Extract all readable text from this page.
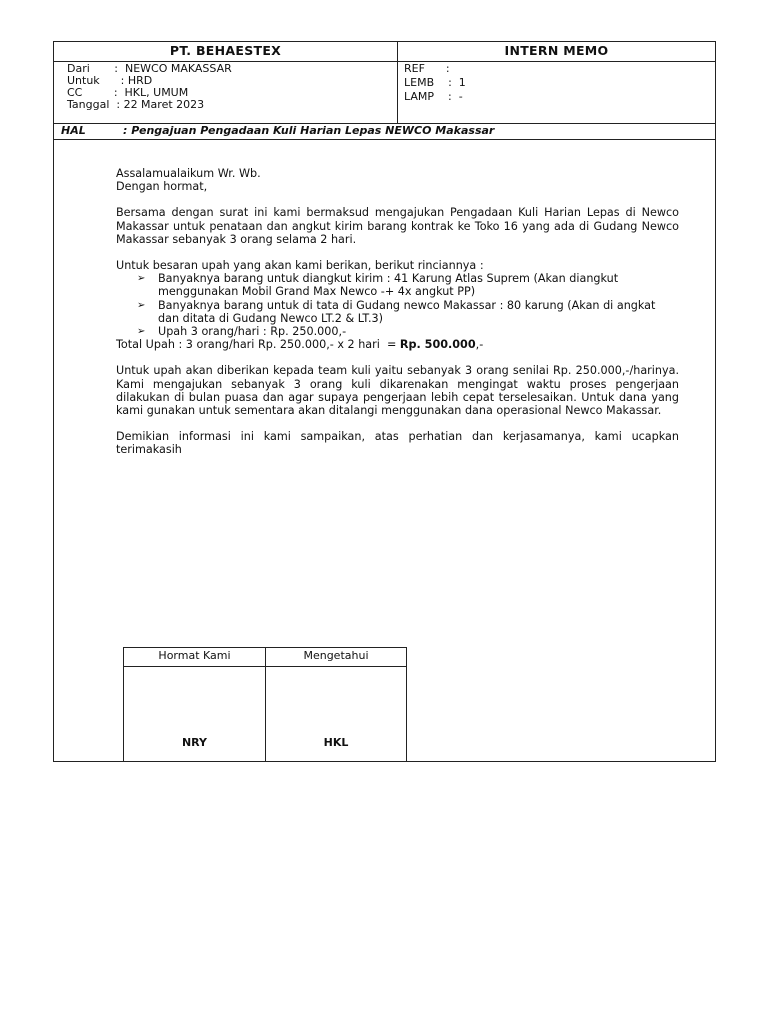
PT. BEHAESTEX	INTERN MEMO
Dari       :  NEWCO MAKASSAR
Untuk      : HRD
CC         :  HKL, UMUM
Tanggal  : 22 Maret 2023
REF      :
LEMB    :  1
LAMP    :  -
HAL	: Pengajuan Pengadaan Kuli Harian Lepas NEWCO Makassar

Assalamualaikum Wr. Wb.

Dengan hormat,

Bersama dengan surat ini kami bermaksud mengajukan Pengadaan Kuli Harian Lepas di Newco Makassar untuk penataan dan angkut kirim barang kontrak ke Toko 16 yang ada di Gudang Newco Makassar sebanyak 3 orang selama 2 hari.

Untuk besaran upah yang akan kami berikan, berikut rinciannya :

➢ Banyaknya barang untuk diangkut kirim : 41 Karung Atlas Suprem (Akan diangkut menggunakan Mobil Grand Max Newco -+ 4x angkut PP)
➢ Banyaknya barang untuk di tata di Gudang newco Makassar : 80 karung (Akan di angkat dan ditata di Gudang Newco LT.2 & LT.3)
➢ Upah 3 orang/hari : Rp. 250.000,-

Total Upah : 3 orang/hari Rp. 250.000,- x 2 hari  = Rp. 500.000,-

Untuk upah akan diberikan kepada team kuli yaitu sebanyak 3 orang senilai Rp. 250.000,-/harinya. Kami mengajukan sebanyak 3 orang kuli dikarenakan mengingat waktu proses pengerjaan dilakukan di bulan puasa dan agar supaya pengerjaan lebih cepat terselesaikan. Untuk dana yang kami gunakan untuk sementara akan ditalangi menggunakan dana operasional Newco Makassar.

Demikian informasi ini kami sampaikan, atas perhatian dan kerjasamanya, kami ucapkan terimakasih

Hormat Kami
NRY
Mengetahui
HKL
